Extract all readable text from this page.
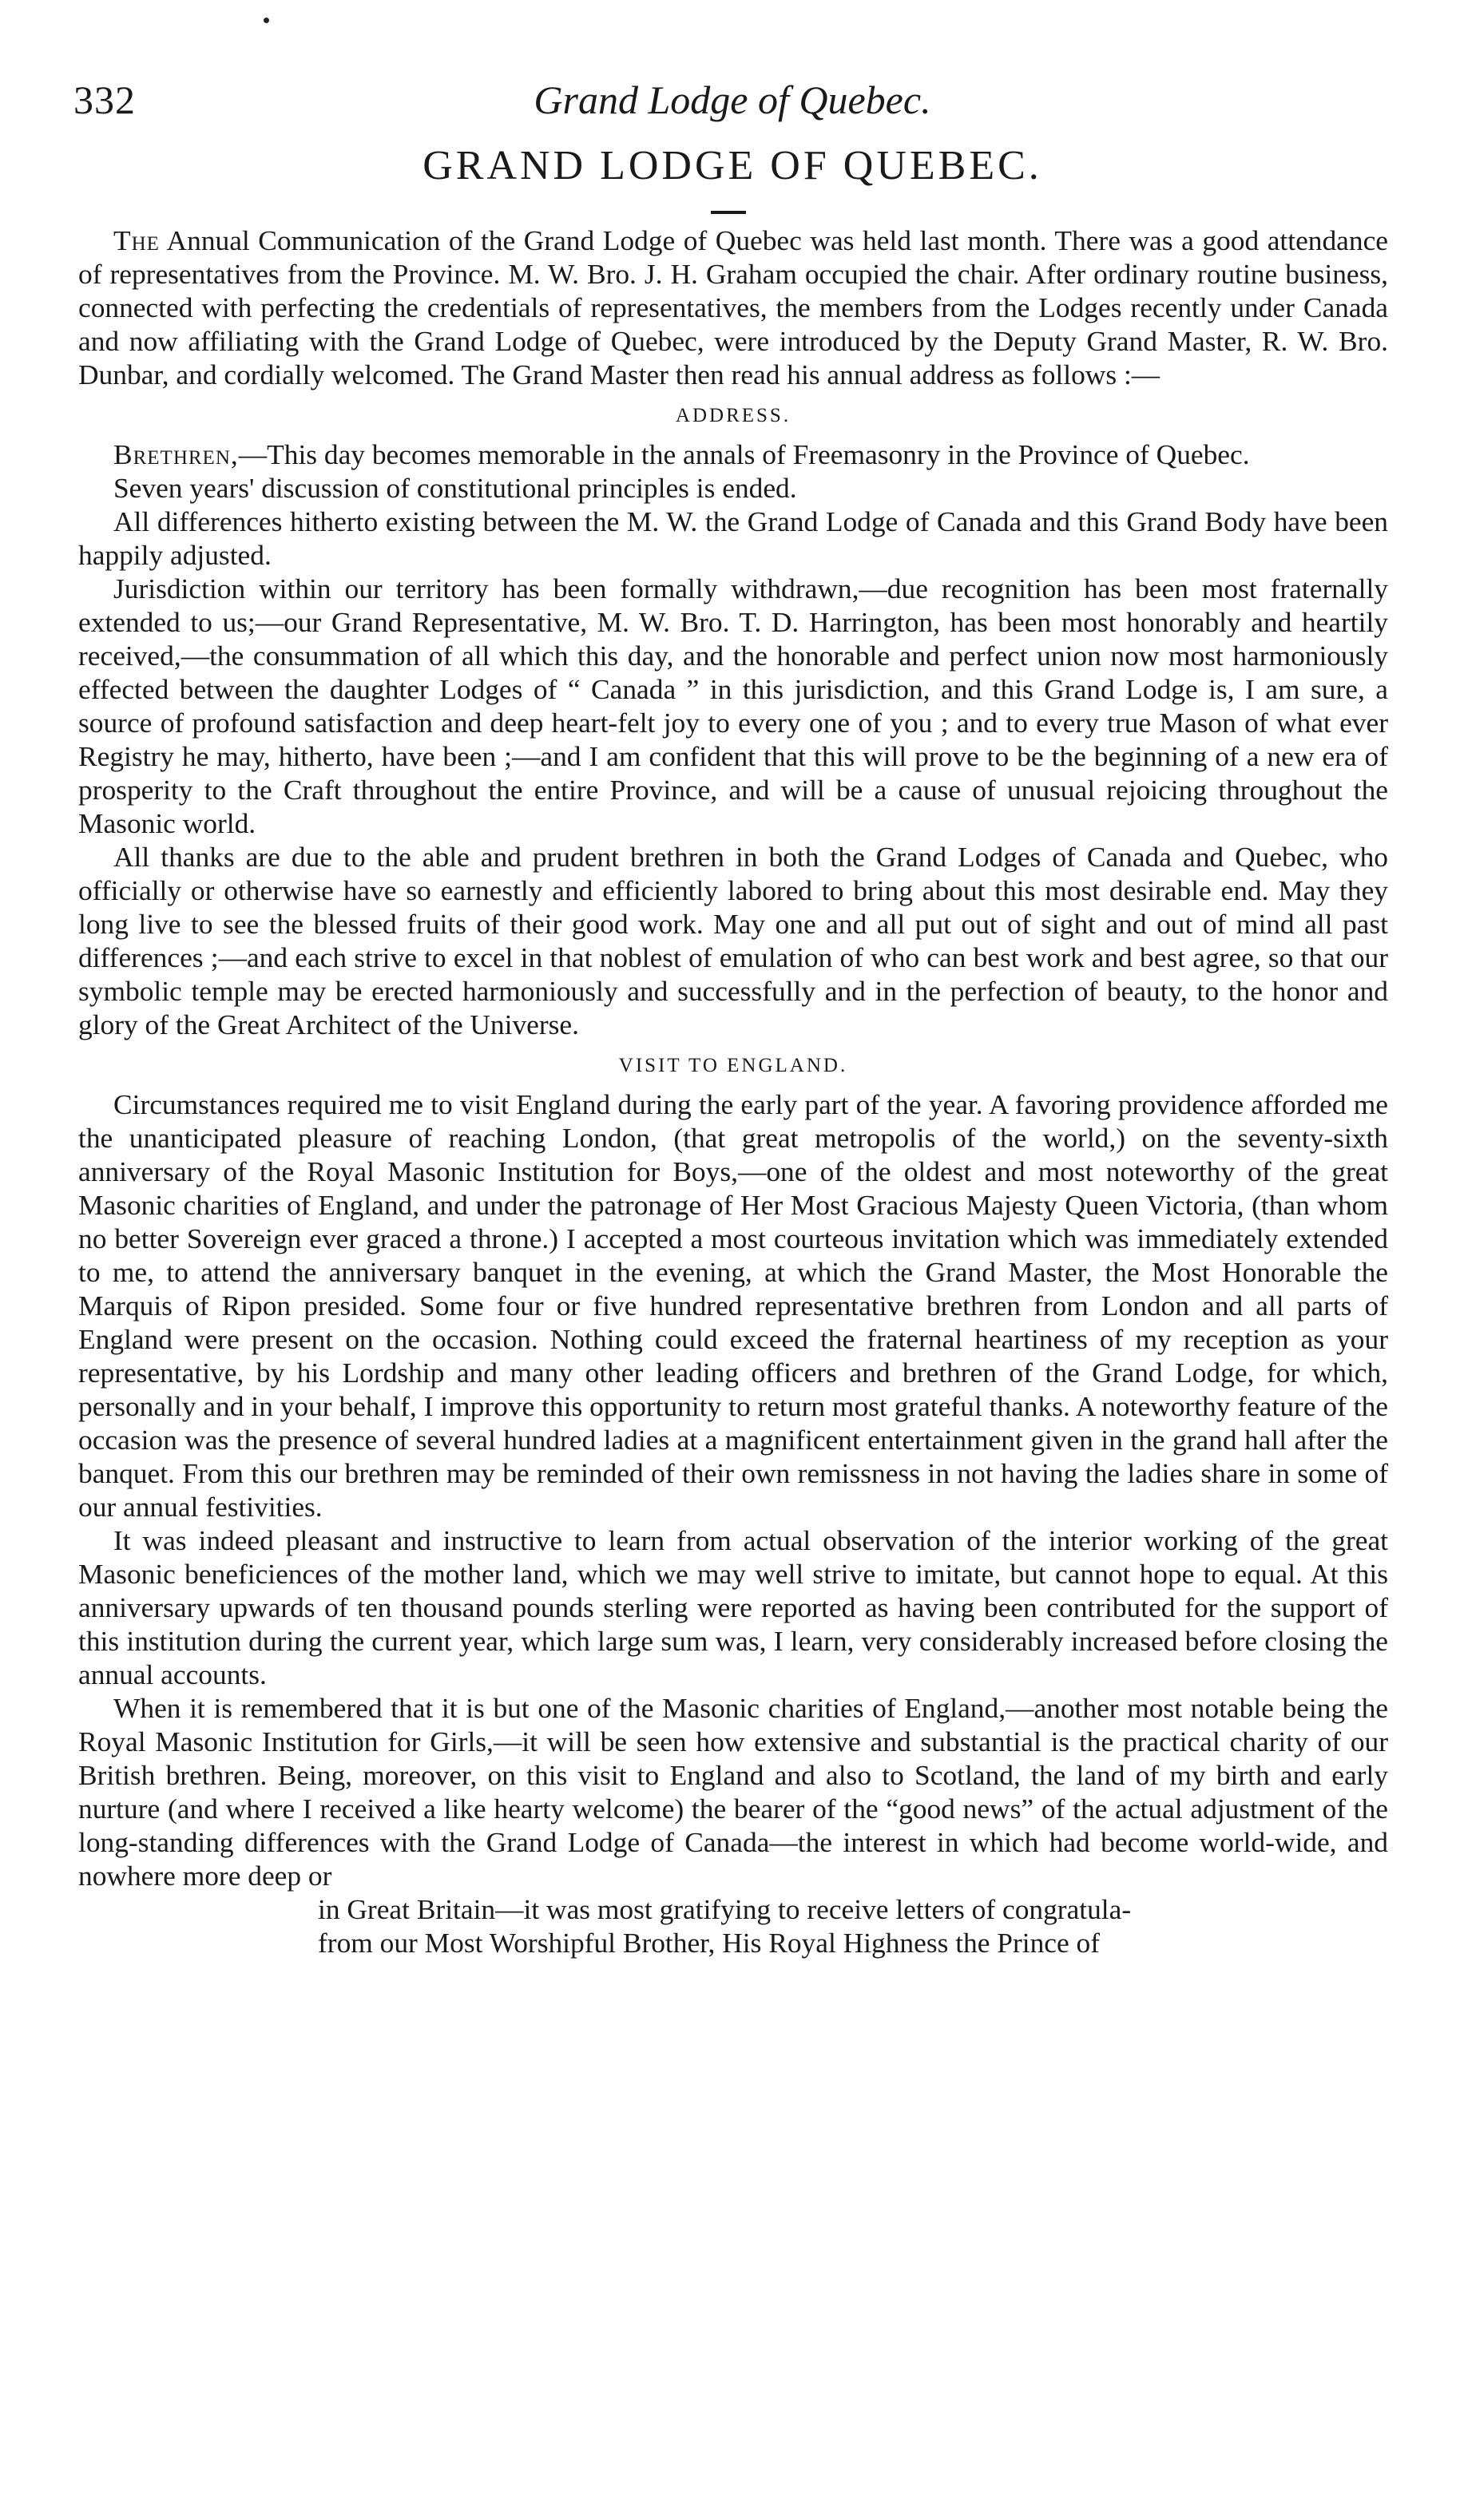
332	Grand Lodge of Quebec.
GRAND LODGE OF QUEBEC.

The Annual Communication of the Grand Lodge of Quebec was held last month. There was a good attendance of representatives from the Province. M. W. Bro. J. H. Graham occupied the chair. After ordinary routine business, connected with perfecting the credentials of representatives, the members from the Lodges recently under Canada and now affiliating with the Grand Lodge of Quebec, were introduced by the Deputy Grand Master, R. W. Bro. Dunbar, and cordially welcomed. The Grand Master then read his annual address as follows :—

ADDRESS.

Brethren,—This day becomes memorable in the annals of Freemasonry in the Province of Quebec.

Seven years' discussion of constitutional principles is ended.

All differences hitherto existing between the M. W. the Grand Lodge of Canada and this Grand Body have been happily adjusted.

Jurisdiction within our territory has been formally withdrawn,—due recognition has been most fraternally extended to us;—our Grand Representative, M. W. Bro. T. D. Harrington, has been most honorably and heartily received,—the consummation of all which this day, and the honorable and perfect union now most harmoniously effected between the daughter Lodges of “ Canada ” in this jurisdiction, and this Grand Lodge is, I am sure, a source of profound satisfaction and deep heart-felt joy to every one of you ; and to every true Mason of what ever Registry he may, hitherto, have been ;—and I am confident that this will prove to be the beginning of a new era of prosperity to the Craft throughout the entire Province, and will be a cause of unusual rejoicing throughout the Masonic world.

All thanks are due to the able and prudent brethren in both the Grand Lodges of Canada and Quebec, who officially or otherwise have so earnestly and efficiently labored to bring about this most desirable end. May they long live to see the blessed fruits of their good work. May one and all put out of sight and out of mind all past differences ;—and each strive to excel in that noblest of emulation of who can best work and best agree, so that our symbolic temple may be erected harmoniously and successfully and in the perfection of beauty, to the honor and glory of the Great Architect of the Universe.

VISIT TO ENGLAND.

Circumstances required me to visit England during the early part of the year. A favoring providence afforded me the unanticipated pleasure of reaching London, (that great metropolis of the world,) on the seventy-sixth anniversary of the Royal Masonic Institution for Boys,—one of the oldest and most noteworthy of the great Masonic charities of England, and under the patronage of Her Most Gracious Majesty Queen Victoria, (than whom no better Sovereign ever graced a throne.) I accepted a most courteous invitation which was immediately extended to me, to attend the anniversary banquet in the evening, at which the Grand Master, the Most Honorable the Marquis of Ripon presided. Some four or five hundred representative brethren from London and all parts of England were present on the occasion. Nothing could exceed the fraternal heartiness of my reception as your representative, by his Lordship and many other leading officers and brethren of the Grand Lodge, for which, personally and in your behalf, I improve this opportunity to return most grateful thanks. A noteworthy feature of the occasion was the presence of several hundred ladies at a magnificent entertainment given in the grand hall after the banquet. From this our brethren may be reminded of their own remissness in not having the ladies share in some of our annual festivities.

It was indeed pleasant and instructive to learn from actual observation of the interior working of the great Masonic beneficiences of the mother land, which we may well strive to imitate, but cannot hope to equal. At this anniversary upwards of ten thousand pounds sterling were reported as having been contributed for the support of this institution during the current year, which large sum was, I learn, very considerably increased before closing the annual accounts.

When it is remembered that it is but one of the Masonic charities of England,—another most notable being the Royal Masonic Institution for Girls,—it will be seen how extensive and substantial is the practical charity of our British brethren. Being, moreover, on this visit to England and also to Scotland, the land of my birth and early nurture (and where I received a like hearty welcome) the bearer of the “good news” of the actual adjustment of the long-standing differences with the Grand Lodge of Canada—the interest in which had become world-wide, and nowhere more deep or

in Great Britain—it was most gratifying to receive letters of congratula-
from our Most Worshipful Brother, His Royal Highness the Prince of
